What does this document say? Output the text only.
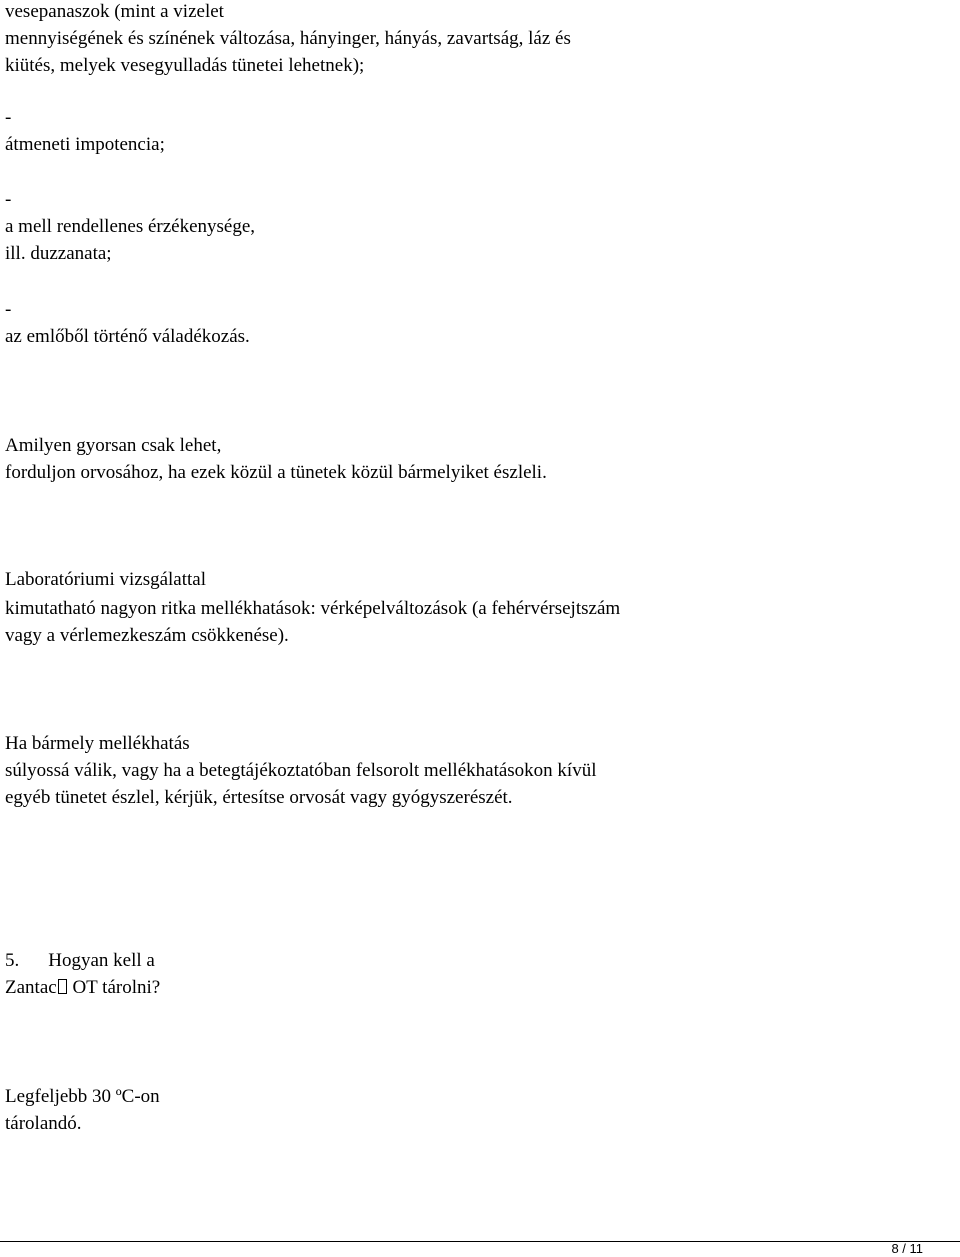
vesepanaszok (mint a vizelet
mennyiségének és színének változása, hányinger, hányás, zavartság, láz és
kiütés, melyek vesegyulladás tünetei lehetnek);
-
átmeneti impotencia;
-
a mell rendellenes érzékenysége,
ill. duzzanata;
-
az emlőből történő váladékozás.
Amilyen gyorsan csak lehet,
forduljon orvosához, ha ezek közül a tünetek közül bármelyiket észleli.
Laboratóriumi vizsgálattal
kimutatható nagyon ritka mellékhatások: vérképelváltozások (a fehérvérsejtszám
vagy a vérlemezkeszám csökkenése).
Ha bármely mellékhatás
súlyossá válik, vagy ha a betegtájékoztatóban felsorolt mellékhatásokon kívül
egyéb tünetet észlel, kérjük, értesítse orvosát vagy gyógyszerészét.
5. Hogyan kell a
Zantac OT tárolni?
Legfeljebb 30 ºC-on
tárolandó.
8 / 11
